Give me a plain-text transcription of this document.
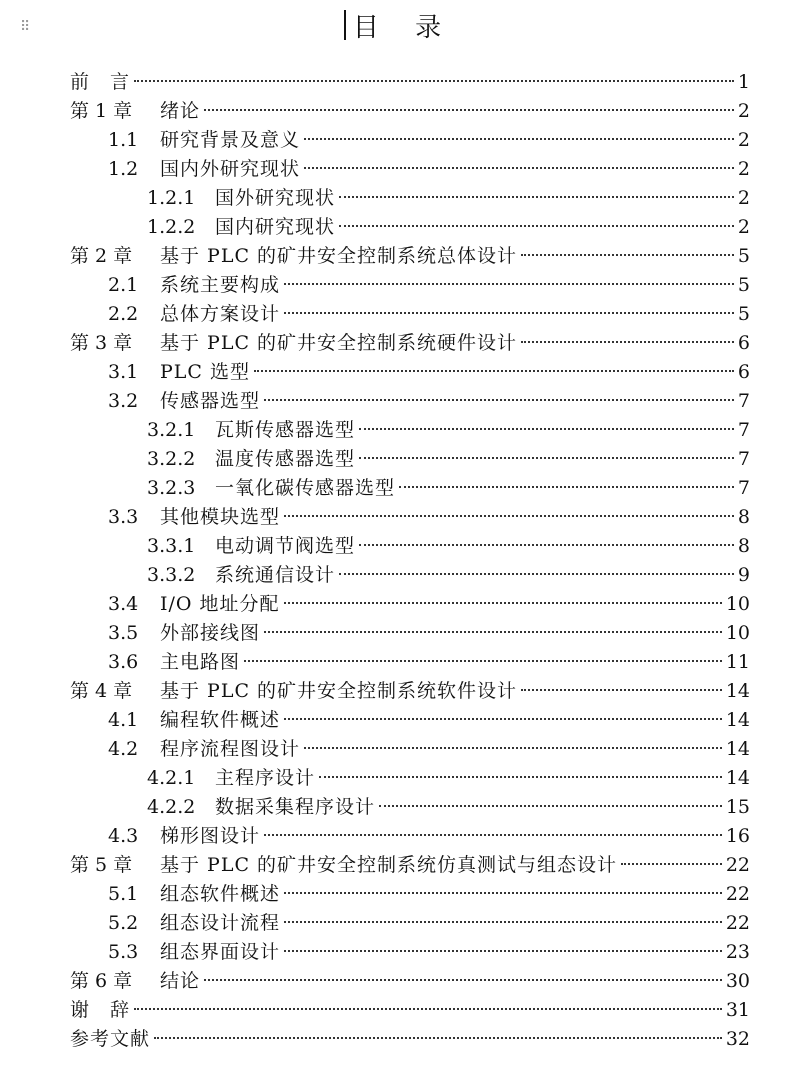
⠿	目 录
前　言	1
第 1 章	绪论	2
1.1	研究背景及意义	2
1.2	国内外研究现状	2
1.2.1	国外研究现状	2
1.2.2	国内研究现状	2
第 2 章	基于 PLC 的矿井安全控制系统总体设计	5
2.1	系统主要构成	5
2.2	总体方案设计	5
第 3 章	基于 PLC 的矿井安全控制系统硬件设计	6
3.1	PLC 选型	6
3.2	传感器选型	7
3.2.1	瓦斯传感器选型	7
3.2.2	温度传感器选型	7
3.2.3	一氧化碳传感器选型	7
3.3	其他模块选型	8
3.3.1	电动调节阀选型	8
3.3.2	系统通信设计	9
3.4	I/O 地址分配	10
3.5	外部接线图	10
3.6	主电路图	11
第 4 章	基于 PLC 的矿井安全控制系统软件设计	14
4.1	编程软件概述	14
4.2	程序流程图设计	14
4.2.1	主程序设计	14
4.2.2	数据采集程序设计	15
4.3	梯形图设计	16
第 5 章	基于 PLC 的矿井安全控制系统仿真测试与组态设计	22
5.1	组态软件概述	22
5.2	组态设计流程	22
5.3	组态界面设计	23
第 6 章	结论	30
谢　辞	31
参考文献	32
